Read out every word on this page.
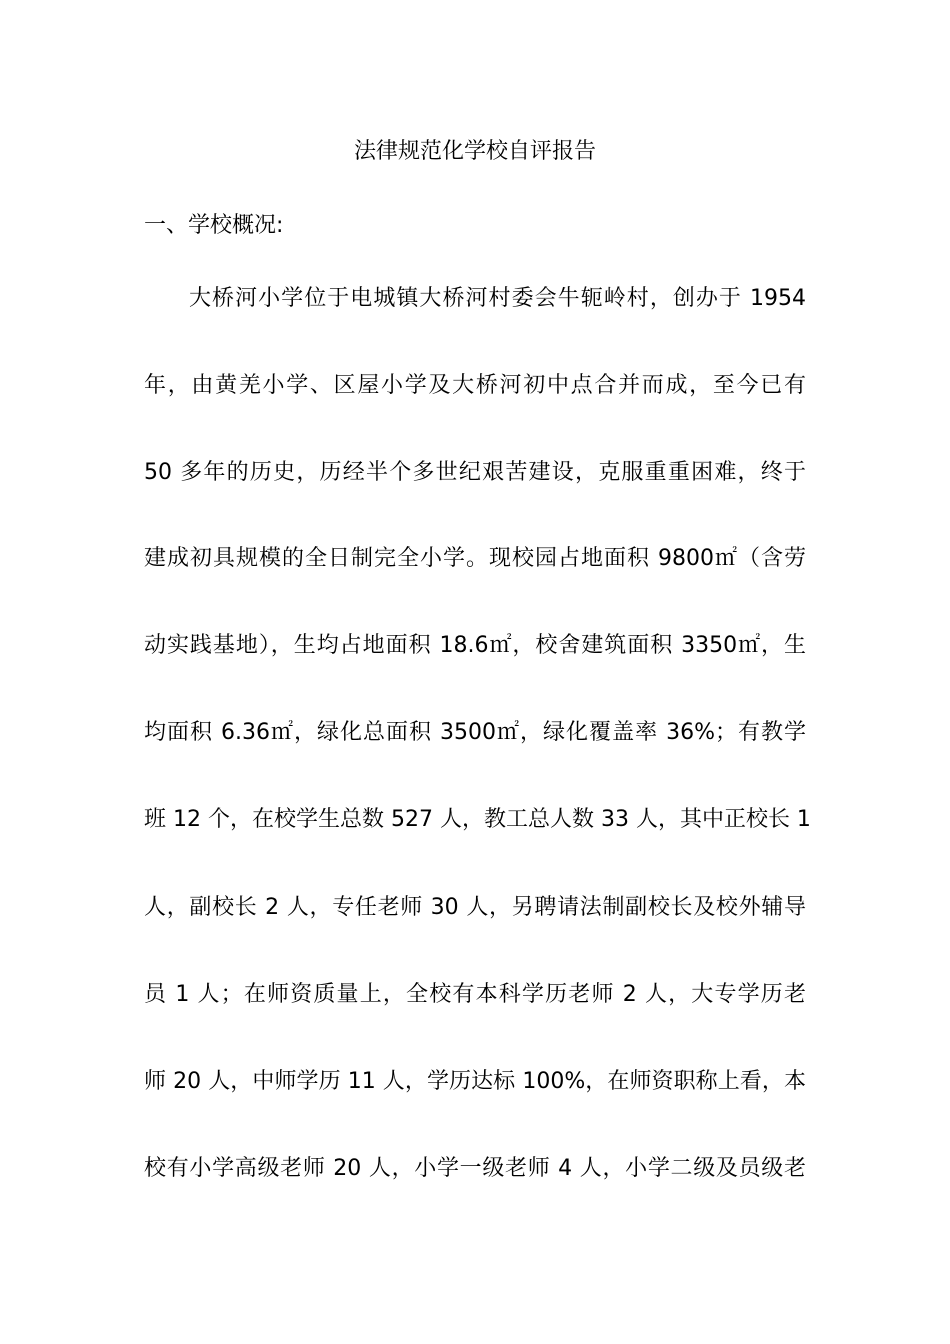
法律规范化学校自评报告
一、学校概况:
大桥河小学位于电城镇大桥河村委会牛轭岭村，创办于 1954
年，由黄羌小学、区屋小学及大桥河初中点合并而成，至今已有
50 多年的历史，历经半个多世纪艰苦建设，克服重重困难，终于
建成初具规模的全日制完全小学。现校园占地面积 9800㎡（含劳
动实践基地），生均占地面积 18.6㎡，校舍建筑面积 3350㎡，生
均面积 6.36㎡，绿化总面积 3500㎡，绿化覆盖率 36%；有教学
班 12 个，在校学生总数 527 人，教工总人数 33 人，其中正校长 1
人，副校长 2 人，专任老师 30 人，另聘请法制副校长及校外辅导
员 1 人；在师资质量上，全校有本科学历老师 2 人，大专学历老
师 20 人，中师学历 11 人，学历达标 100%，在师资职称上看，本
校有小学高级老师 20 人，小学一级老师 4 人，小学二级及员级老
